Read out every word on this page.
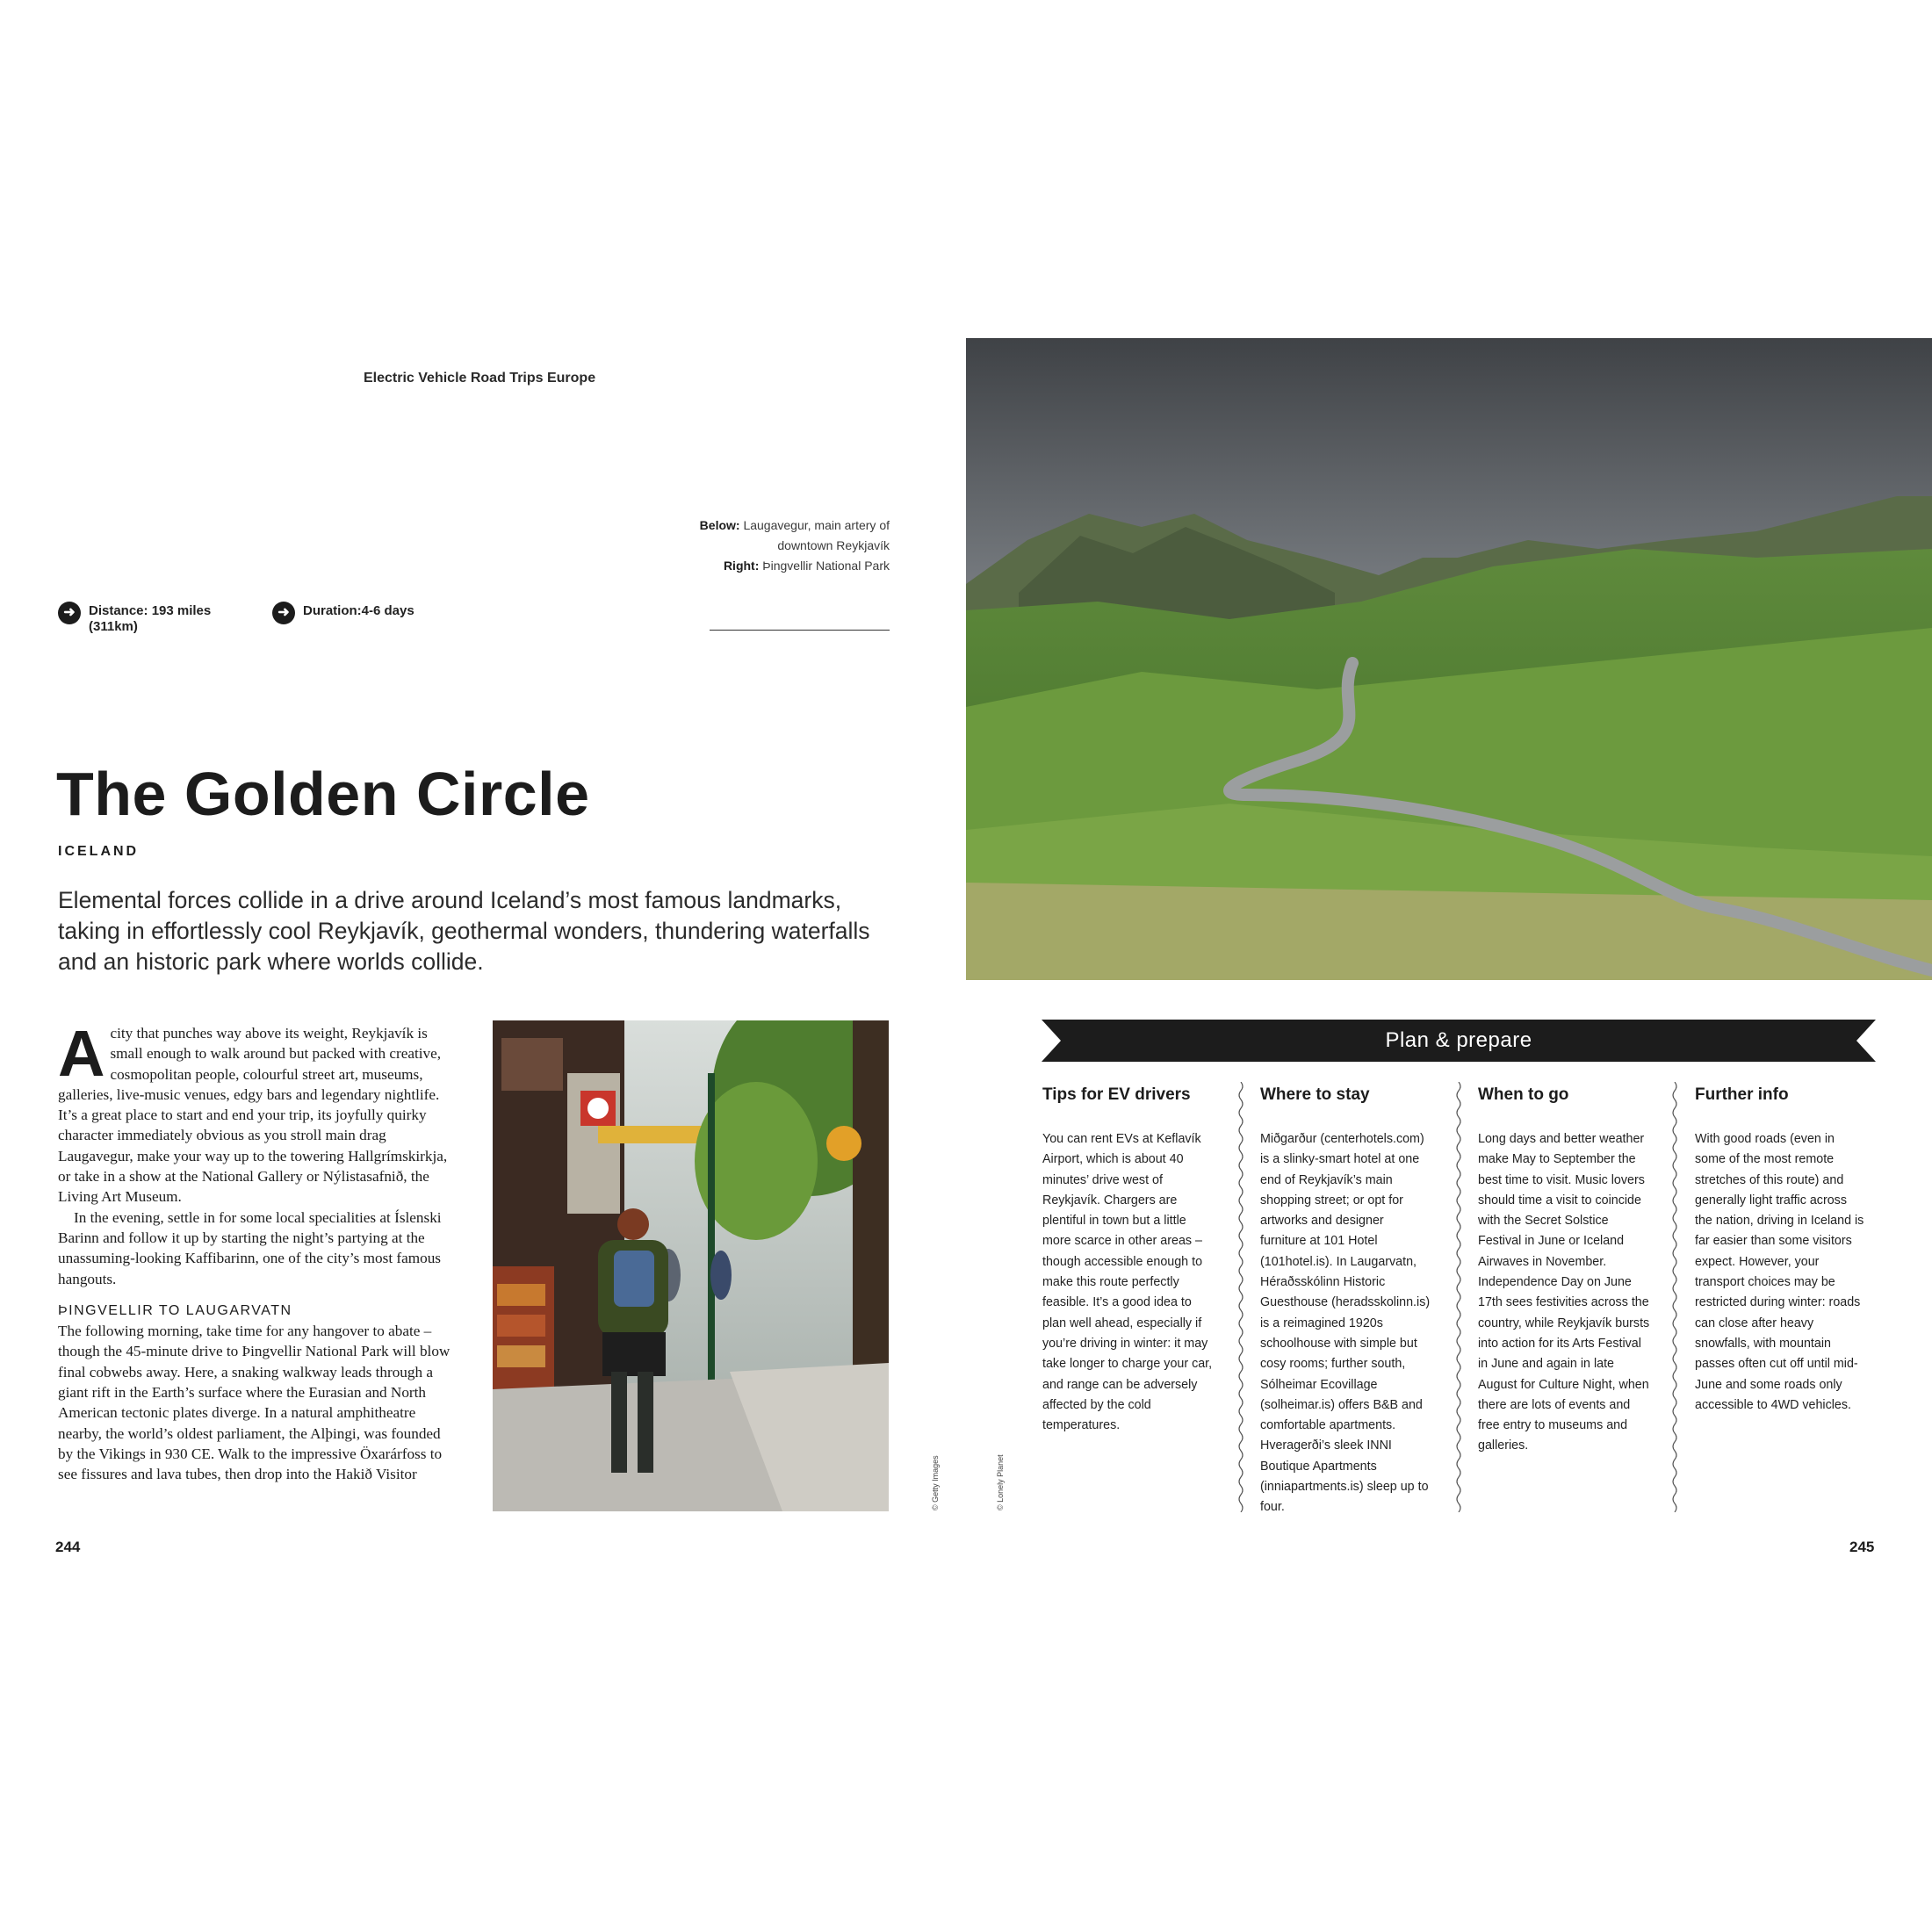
Electric Vehicle Road Trips Europe
Below: Laugavegur, main artery of downtown Reykjavík
Right: Þingvellir National Park
➜	Distance: 193 miles
(311km)
➜	Duration:4-6 days
The Golden Circle
ICELAND
Elemental forces collide in a drive around Iceland’s most famous landmarks, taking in effortlessly cool Reykjavík, geothermal wonders, thundering waterfalls and an historic park where worlds collide.

A city that punches way above its weight, Reykjavík is small enough to walk around but packed with creative, cosmopolitan people, colourful street art, museums, galleries, live-music venues, edgy bars and legendary nightlife. It’s a great place to start and end your trip, its joyfully quirky character immediately obvious as you stroll main drag Laugavegur, make your way up to the towering Hallgrímskirkja, or take in a show at the National Gallery or Nýlistasafnið, the Living Art Museum.

In the evening, settle in for some local specialities at Íslenski Barinn and follow it up by starting the night’s partying at the unassuming-looking Kaffibarinn, one of the city’s most famous hangouts.

ÞINGVELLIR TO LAUGARVATN

The following morning, take time for any hangover to abate – though the 45-minute drive to Þingvellir National Park will blow final cobwebs away. Here, a snaking walkway leads through a giant rift in the Earth’s surface where the Eurasian and North American tectonic plates diverge. In a natural amphitheatre nearby, the world’s oldest parliament, the Alþingi, was founded by the Vikings in 930 CE. Walk to the impressive Öxarárfoss to see fissures and lava tubes, then drop into the Hakið Visitor	© Getty Images	© Lonely Planet
244	245
Plan & prepare
Tips for EV drivers

You can rent EVs at Keflavík Airport, which is about 40 minutes’ drive west of Reykjavík. Chargers are plentiful in town but a little more scarce in other areas – though accessible enough to make this route perfectly feasible. It’s a good idea to plan well ahead, especially if you’re driving in winter: it may take longer to charge your car, and range can be adversely affected by the cold temperatures.

Where to stay

Miðgarður (centerhotels.com) is a slinky-smart hotel at one end of Reykjavík’s main shopping street; or opt for artworks and designer furniture at 101 Hotel (101hotel.is). In Laugarvatn, Héraðsskólinn Historic Guesthouse (heradsskolinn.is) is a reimagined 1920s schoolhouse with simple but cosy rooms; further south, Sólheimar Ecovillage (solheimar.is) offers B&B and comfortable apartments. Hveragerði’s sleek INNI Boutique Apartments (inniapartments.is) sleep up to four.

When to go

Long days and better weather make May to September the best time to visit. Music lovers should time a visit to coincide with the Secret Solstice Festival in June or Iceland Airwaves in November. Independence Day on June 17th sees festivities across the country, while Reykjavík bursts into action for its Arts Festival in June and again in late August for Culture Night, when there are lots of events and free entry to museums and galleries.

Further info

With good roads (even in some of the most remote stretches of this route) and generally light traffic across the nation, driving in Iceland is far easier than some visitors expect. However, your transport choices may be restricted during winter: roads can close after heavy snowfalls, with mountain passes often cut off until mid-June and some roads only accessible to 4WD vehicles.
